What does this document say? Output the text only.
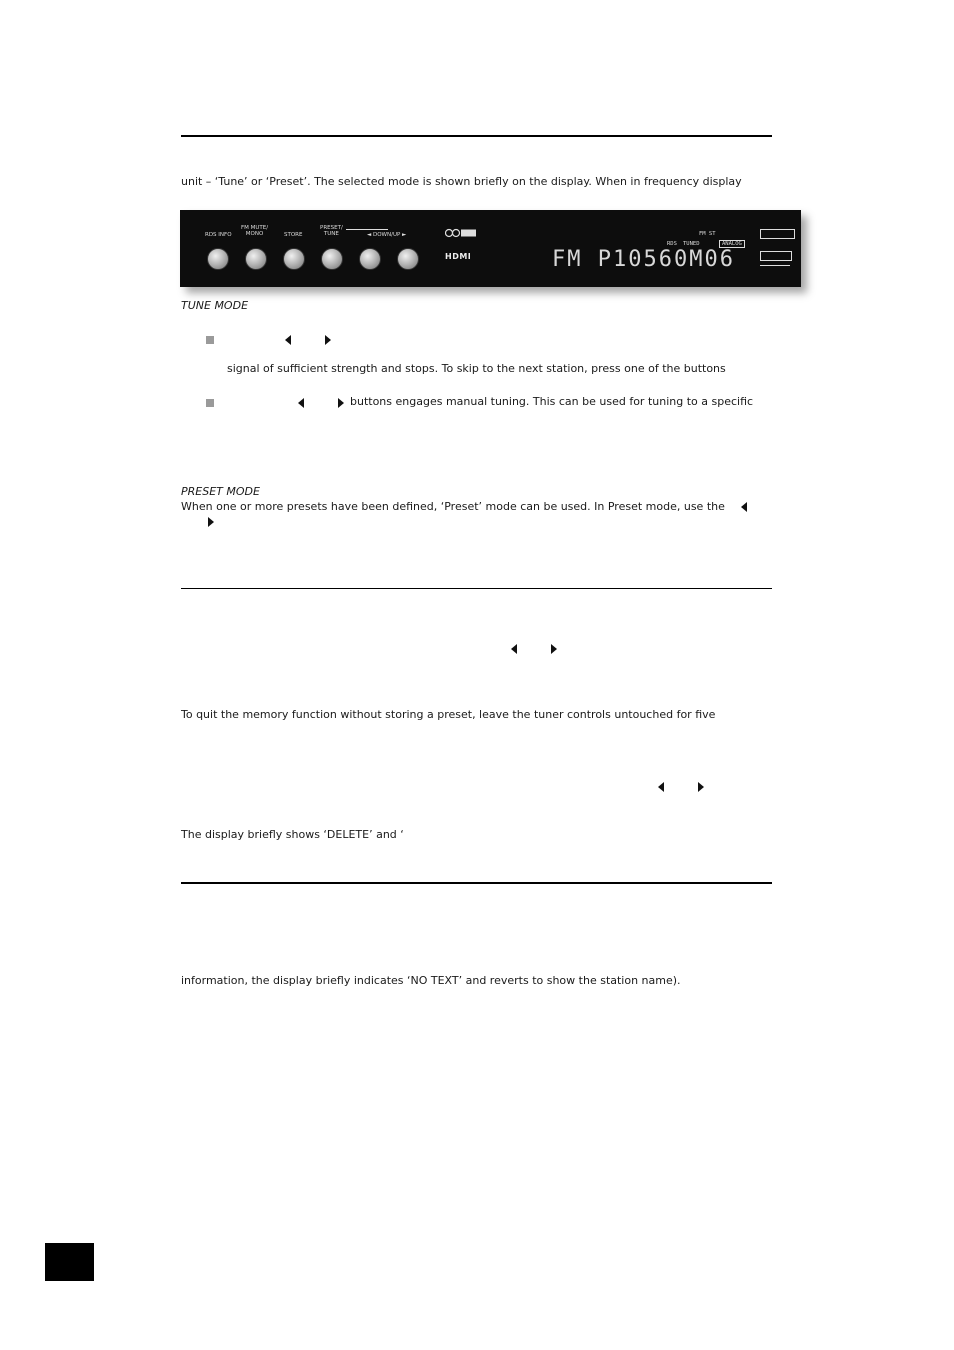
unit – ‘Tune’ or ‘Preset’. The selected mode is shown briefly on the display. When in frequency display
RDS INFO
FM MUTE/
MONO	STORE
PRESET/
TUNE	◄ DOWN/UP ►
HDMI	FM P10560M06
FM ST
RDS TUNED	ANALOG
TUNE MODE
signal of sufficient strength and stops. To skip to the next station, press one of the buttons
buttons engages manual tuning. This can be used for tuning to a specific
PRESET MODE
When one or more presets have been defined, ‘Preset’ mode can be used. In Preset mode, use the
To quit the memory function without storing a preset, leave the tuner controls untouched for five
The display briefly shows ‘DELETE’ and ‘
information, the display briefly indicates ‘NO TEXT’ and reverts to show the station name).
